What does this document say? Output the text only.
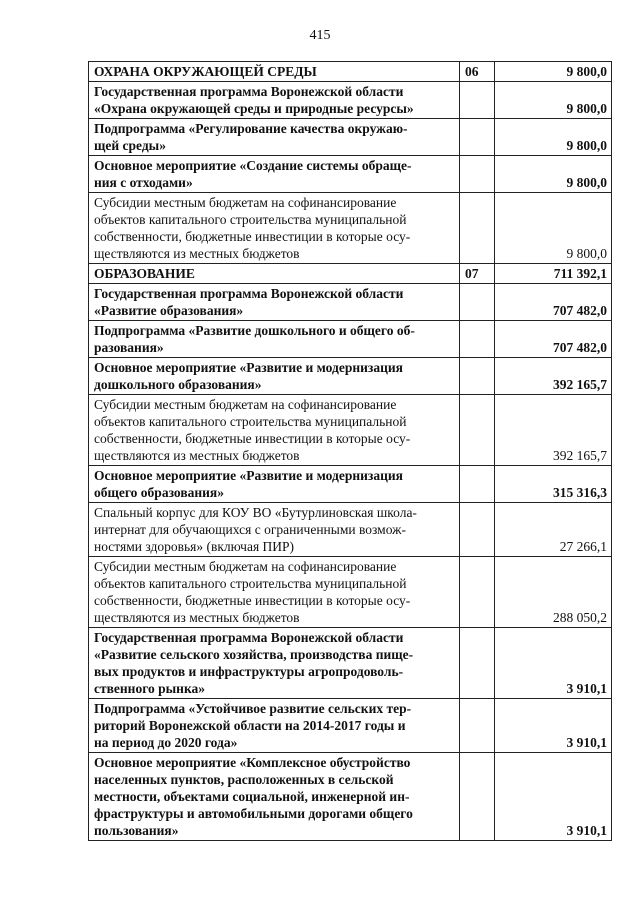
415
ОХРАНА ОКРУЖАЮЩЕЙ СРЕДЫ	06	9 800,0

Государственная программа Воронежской области
«Охрана окружающей среды и природные ресурсы»		9 800,0

Подпрограмма «Регулирование качества окружаю-
щей среды»		9 800,0

Основное мероприятие «Создание системы обраще-
ния с отходами»		9 800,0

Субсидии местным бюджетам на софинансирование
объектов капитального строительства муниципальной
собственности, бюджетные инвестиции в которые осу-
ществляются из местных бюджетов		9 800,0

ОБРАЗОВАНИЕ	07	711 392,1

Государственная программа Воронежской области
«Развитие образования»		707 482,0

Подпрограмма «Развитие дошкольного и общего об-
разования»		707 482,0

Основное мероприятие «Развитие и модернизация
дошкольного образования»		392 165,7

Субсидии местным бюджетам на софинансирование
объектов капитального строительства муниципальной
собственности, бюджетные инвестиции в которые осу-
ществляются из местных бюджетов		392 165,7

Основное мероприятие «Развитие и модернизация
общего образования»		315 316,3

Спальный корпус для КОУ ВО «Бутурлиновская школа-
интернат для обучающихся с ограниченными возмож-
ностями здоровья» (включая ПИР)		27 266,1

Субсидии местным бюджетам на софинансирование
объектов капитального строительства муниципальной
собственности, бюджетные инвестиции в которые осу-
ществляются из местных бюджетов		288 050,2

Государственная программа Воронежской области
«Развитие сельского хозяйства, производства пище-
вых продуктов и инфраструктуры агропродоволь-
ственного рынка»		3 910,1

Подпрограмма «Устойчивое развитие сельских тер-
риторий Воронежской области на 2014-2017 годы и
на период до 2020 года»		3 910,1

Основное мероприятие «Комплексное обустройство
населенных пунктов, расположенных в сельской
местности, объектами социальной, инженерной ин-
фраструктуры и автомобильными дорогами общего
пользования»		3 910,1
